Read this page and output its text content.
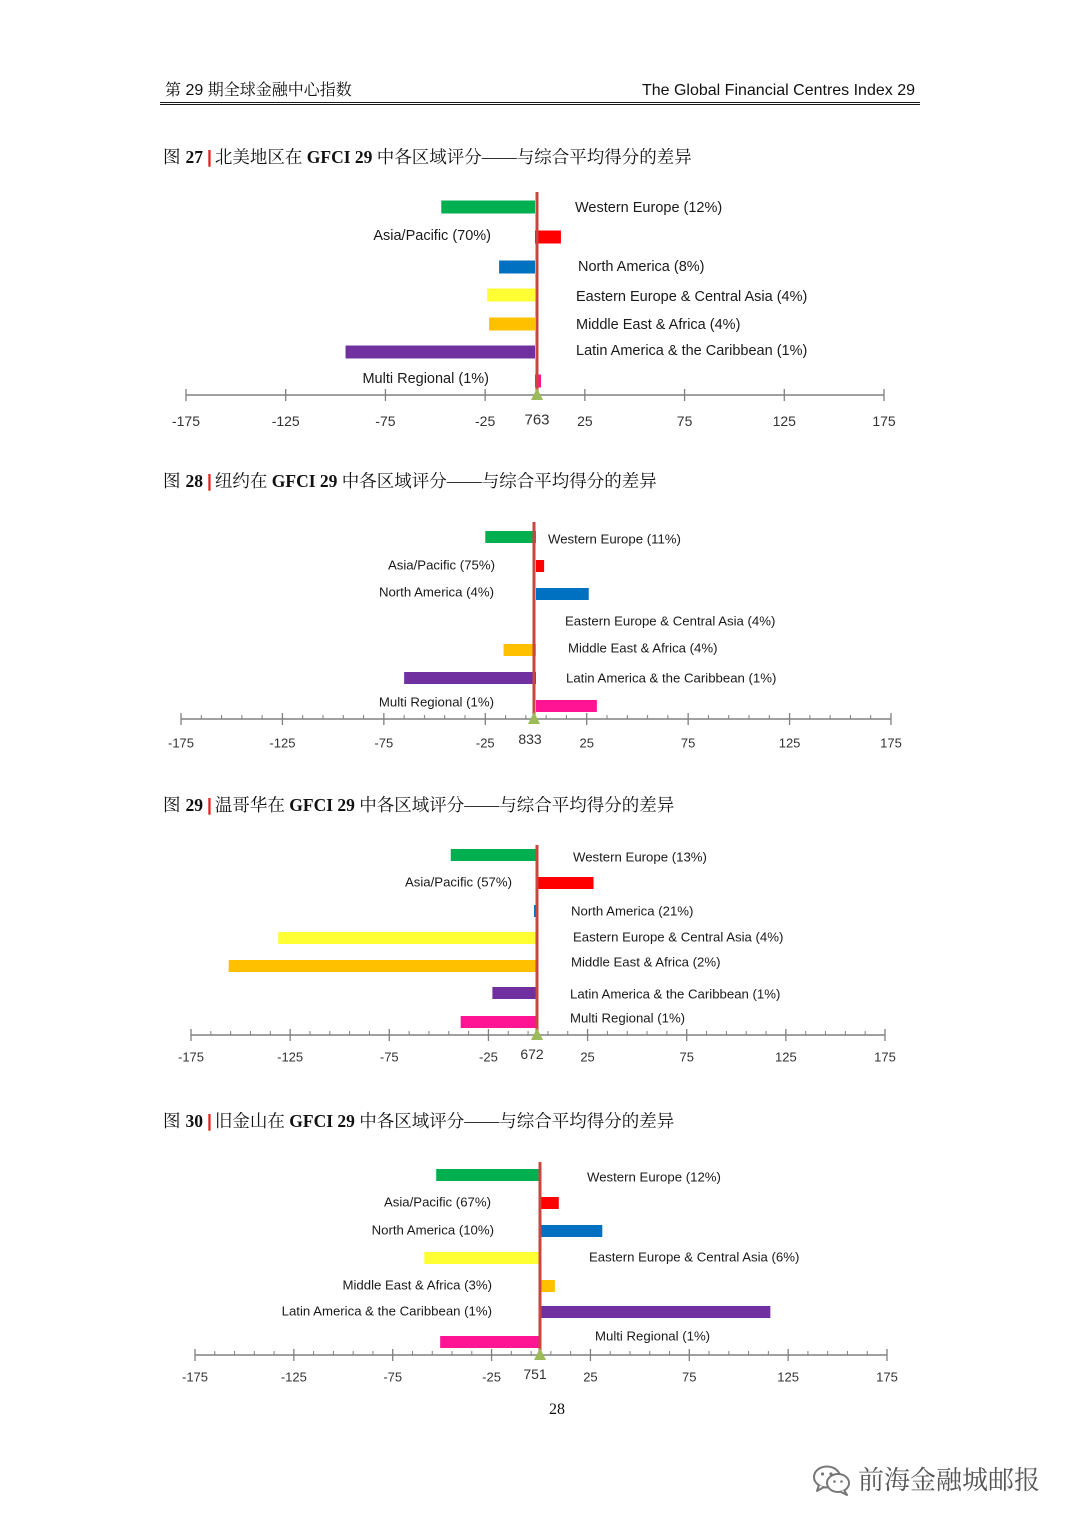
第 29 期全球金融中心指数	The Global Financial Centres Index 29
图 27 | 北美地区在 GFCI 29 中各区域评分——与综合平均得分的差异
图 28 | 纽约在 GFCI 29 中各区域评分——与综合平均得分的差异
图 29 | 温哥华在 GFCI 29 中各区域评分——与综合平均得分的差异
图 30 | 旧金山在 GFCI 29 中各区域评分——与综合平均得分的差异
Western Europe (12%)
Asia/Pacific (70%)
North America (8%)
Eastern Europe & Central Asia (4%)
Middle East & Africa (4%)
Latin America & the Caribbean (1%)
Multi Regional (1%)
-175	-125	-75	-25	25	75	125	175
763
Western Europe (11%)
Asia/Pacific (75%)
North America (4%)
Eastern Europe & Central Asia (4%)
Middle East & Africa (4%)
Latin America & the Caribbean (1%)
Multi Regional (1%)
-175	-125	-75	-25	25	75	125	175
833
Western Europe (13%)
Asia/Pacific (57%)
North America (21%)
Eastern Europe & Central Asia (4%)
Middle East & Africa (2%)
Latin America & the Caribbean (1%)
Multi Regional (1%)
-175	-125	-75	-25	25	75	125	175
672
Western Europe (12%)
Asia/Pacific (67%)
North America (10%)
Eastern Europe & Central Asia (6%)
Middle East & Africa (3%)
Latin America & the Caribbean (1%)
Multi Regional (1%)
-175	-125	-75	-25	25	75	125	175
751
28
前海金融城邮报
